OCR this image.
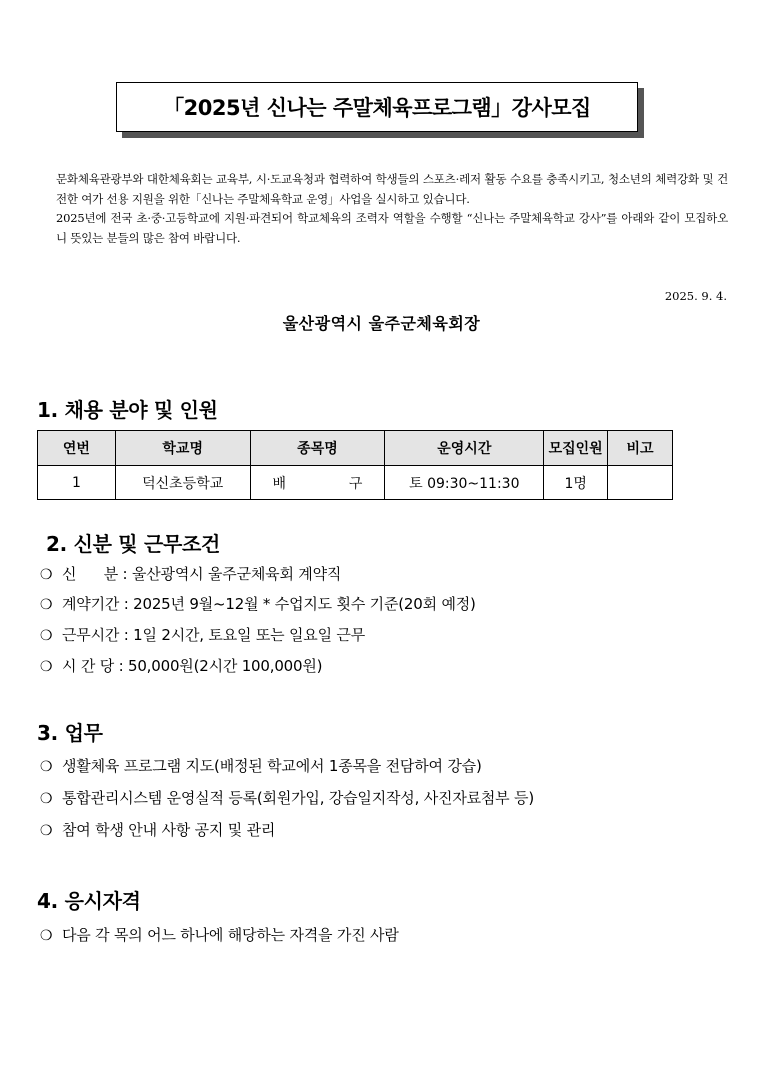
「2025년 신나는 주말체육프로그램」강사모집

문화체육관광부와 대한체육회는 교육부, 시·도교육청과 협력하여 학생들의 스포츠·레저 활동 수요를 충족시키고, 청소년의 체력강화 및 건전한 여가 선용 지원을 위한「신나는 주말체육학교 운영」사업을 실시하고 있습니다.

2025년에 전국 초·중·고등학교에 지원·파견되어 학교체육의 조력자 역할을 수행할 “신나는 주말체육학교 강사”를 아래와 같이 모집하오니 뜻있는 분들의 많은 참여 바랍니다.

2025. 9. 4.
울산광역시 울주군체육회장
1. 채용 분야 및 인원
연번	학교명	종목명	운영시간	모집인원	비고
1	덕신초등학교	배 구	토 09:30~11:30	1명	
2. 신분 및 근무조건
❍ 신      분 : 울산광역시 울주군체육회 계약직
❍ 계약기간 : 2025년 9월~12월 * 수업지도 횟수 기준(20회 예정)
❍ 근무시간 : 1일 2시간, 토요일 또는 일요일 근무
❍ 시 간 당 : 50,000원(2시간 100,000원)
3. 업무
❍ 생활체육 프로그램 지도(배정된 학교에서 1종목을 전담하여 강습)
❍ 통합관리시스템 운영실적 등록(회원가입, 강습일지작성, 사진자료첨부 등)
❍ 참여 학생 안내 사항 공지 및 관리
4. 응시자격
❍ 다음 각 목의 어느 하나에 해당하는 자격을 가진 사람
